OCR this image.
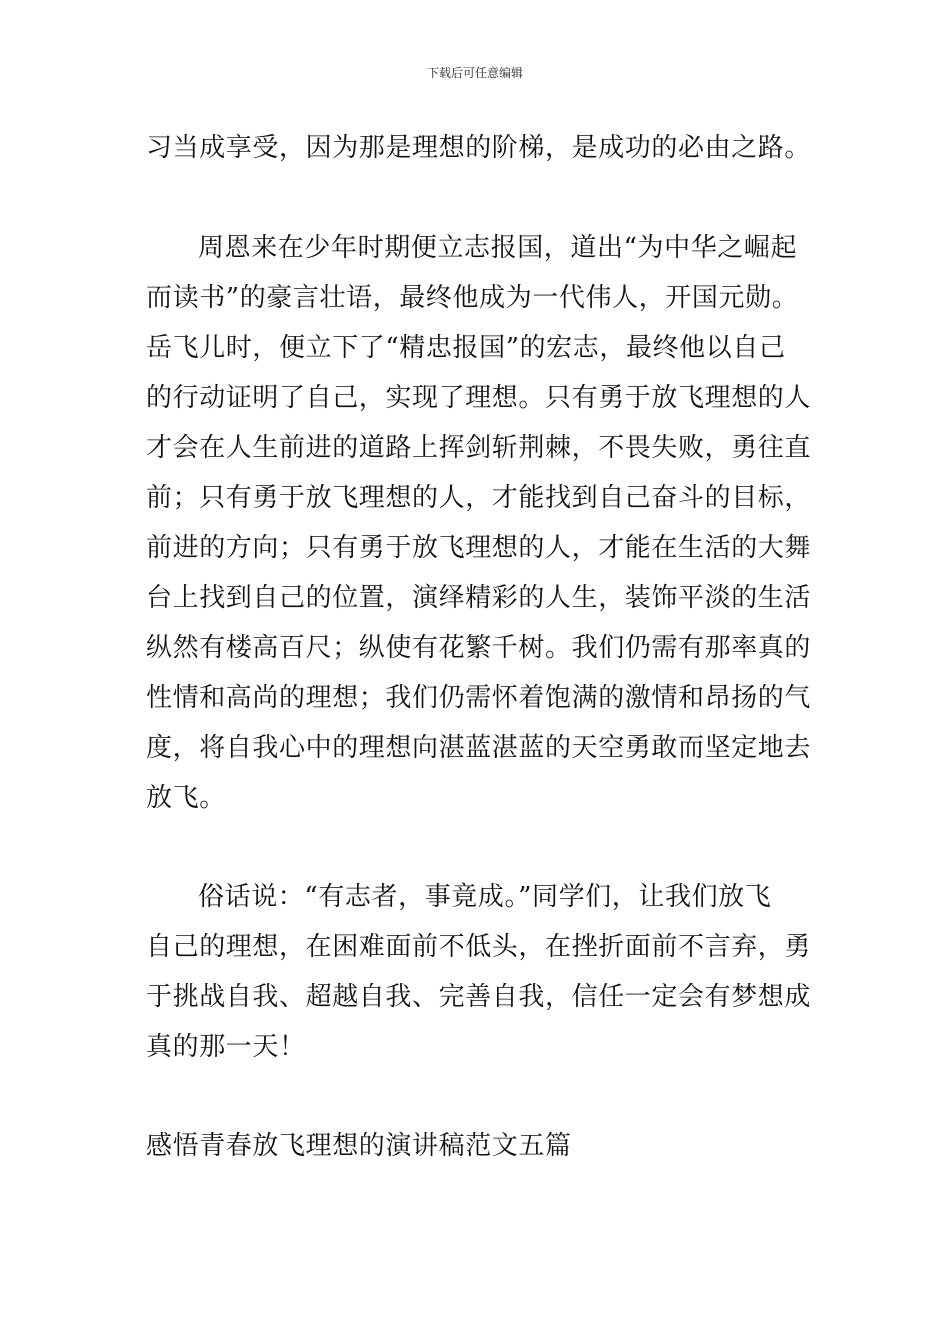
下载后可任意编辑
习当成享受，因为那是理想的阶梯，是成功的必由之路。
周恩来在少年时期便立志报国，道出“为中华之崛起
而读书”的豪言壮语，最终他成为一代伟人，开国元勋。
岳飞儿时，便立下了“精忠报国”的宏志，最终他以自己
的行动证明了自己，实现了理想。只有勇于放飞理想的人
才会在人生前进的道路上挥剑斩荆棘，不畏失败，勇往直
前；只有勇于放飞理想的人，才能找到自己奋斗的目标，
前进的方向；只有勇于放飞理想的人，才能在生活的大舞
台上找到自己的位置，演绎精彩的人生，装饰平淡的生活
纵然有楼高百尺；纵使有花繁千树。我们仍需有那率真的
性情和高尚的理想；我们仍需怀着饱满的激情和昂扬的气
度，将自我心中的理想向湛蓝湛蓝的天空勇敢而坚定地去
放飞。
俗话说：“有志者，事竟成。”同学们，让我们放飞
自己的理想，在困难面前不低头，在挫折面前不言弃，勇
于挑战自我、超越自我、完善自我，信任一定会有梦想成
真的那一天！
感悟青春放飞理想的演讲稿范文五篇
